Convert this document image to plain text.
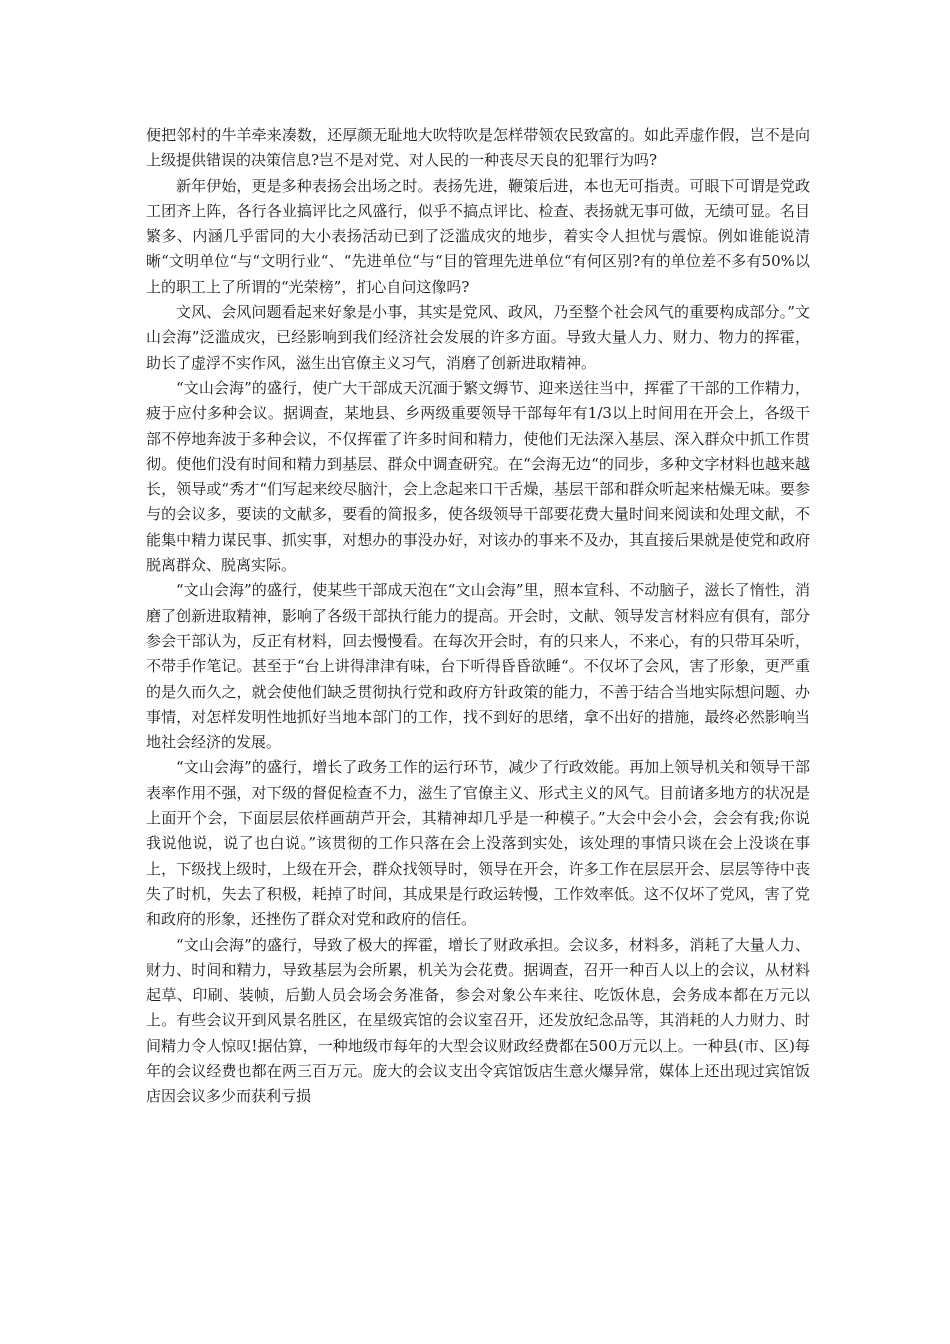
便把邻村的牛羊牵来凑数，还厚颜无耻地大吹特吹是怎样带领农民致富的。如此弄虚作假，岂不是向上级提供错误的决策信息?岂不是对党、对人民的一种丧尽天良的犯罪行为吗?

新年伊始，更是多种表扬会出场之时。表扬先进，鞭策后进，本也无可指责。可眼下可谓是党政工团齐上阵，各行各业搞评比之风盛行，似乎不搞点评比、检查、表扬就无事可做，无绩可显。名目繁多、内涵几乎雷同的大小表扬活动已到了泛滥成灾的地步，着实令人担忧与震惊。例如谁能说清晰“文明单位“与“文明行业“、“先进单位“与“目的管理先进单位“有何区别?有的单位差不多有50%以上的职工上了所谓的“光荣榜”，扪心自问这像吗?

文风、会风问题看起来好象是小事，其实是党风、政风，乃至整个社会风气的重要构成部分。”文山会海”泛滥成灾，已经影响到我们经济社会发展的许多方面。导致大量人力、财力、物力的挥霍，助长了虚浮不实作风，滋生出官僚主义习气，消磨了创新进取精神。

“文山会海”的盛行，使广大干部成天沉湎于繁文缛节、迎来送往当中，挥霍了干部的工作精力，疲于应付多种会议。据调查，某地县、乡两级重要领导干部每年有1/3以上时间用在开会上，各级干部不停地奔波于多种会议，不仅挥霍了许多时间和精力，使他们无法深入基层、深入群众中抓工作贯彻。使他们没有时间和精力到基层、群众中调查研究。在“会海无边“的同步，多种文字材料也越来越长，领导或“秀才“们写起来绞尽脑汁，会上念起来口干舌燥，基层干部和群众听起来枯燥无味。要参与的会议多，要读的文献多，要看的简报多，使各级领导干部要花费大量时间来阅读和处理文献，不能集中精力谋民事、抓实事，对想办的事没办好，对该办的事来不及办，其直接后果就是使党和政府脱离群众、脱离实际。

“文山会海”的盛行，使某些干部成天泡在“文山会海”里，照本宣科、不动脑子，滋长了惰性，消磨了创新进取精神，影响了各级干部执行能力的提高。开会时，文献、领导发言材料应有俱有，部分参会干部认为，反正有材料，回去慢慢看。在每次开会时，有的只来人，不来心，有的只带耳朵听，不带手作笔记。甚至于“台上讲得津津有味，台下听得昏昏欲睡“。不仅坏了会风，害了形象，更严重的是久而久之，就会使他们缺乏贯彻执行党和政府方针政策的能力，不善于结合当地实际想问题、办事情，对怎样发明性地抓好当地本部门的工作，找不到好的思绪，拿不出好的措施，最终必然影响当地社会经济的发展。

“文山会海”的盛行，增长了政务工作的运行环节，减少了行政效能。再加上领导机关和领导干部表率作用不强，对下级的督促检查不力，滋生了官僚主义、形式主义的风气。目前诸多地方的状况是上面开个会，下面层层依样画葫芦开会，其精神却几乎是一种模子。”大会中会小会，会会有我;你说我说他说，说了也白说。”该贯彻的工作只落在会上没落到实处，该处理的事情只谈在会上没谈在事上，下级找上级时，上级在开会，群众找领导时，领导在开会，许多工作在层层开会、层层等待中丧失了时机，失去了积极，耗掉了时间，其成果是行政运转慢，工作效率低。这不仅坏了党风，害了党和政府的形象，还挫伤了群众对党和政府的信任。

“文山会海”的盛行，导致了极大的挥霍，增长了财政承担。会议多，材料多，消耗了大量人力、财力、时间和精力，导致基层为会所累，机关为会花费。据调查，召开一种百人以上的会议，从材料起草、印刷、装帧，后勤人员会场会务准备，参会对象公车来往、吃饭休息，会务成本都在万元以上。有些会议开到风景名胜区，在星级宾馆的会议室召开，还发放纪念品等，其消耗的人力财力、时间精力令人惊叹!据估算，一种地级市每年的大型会议财政经费都在500万元以上。一种县(市、区)每年的会议经费也都在两三百万元。庞大的会议支出令宾馆饭店生意火爆异常，媒体上还出现过宾馆饭店因会议多少而获利亏损
